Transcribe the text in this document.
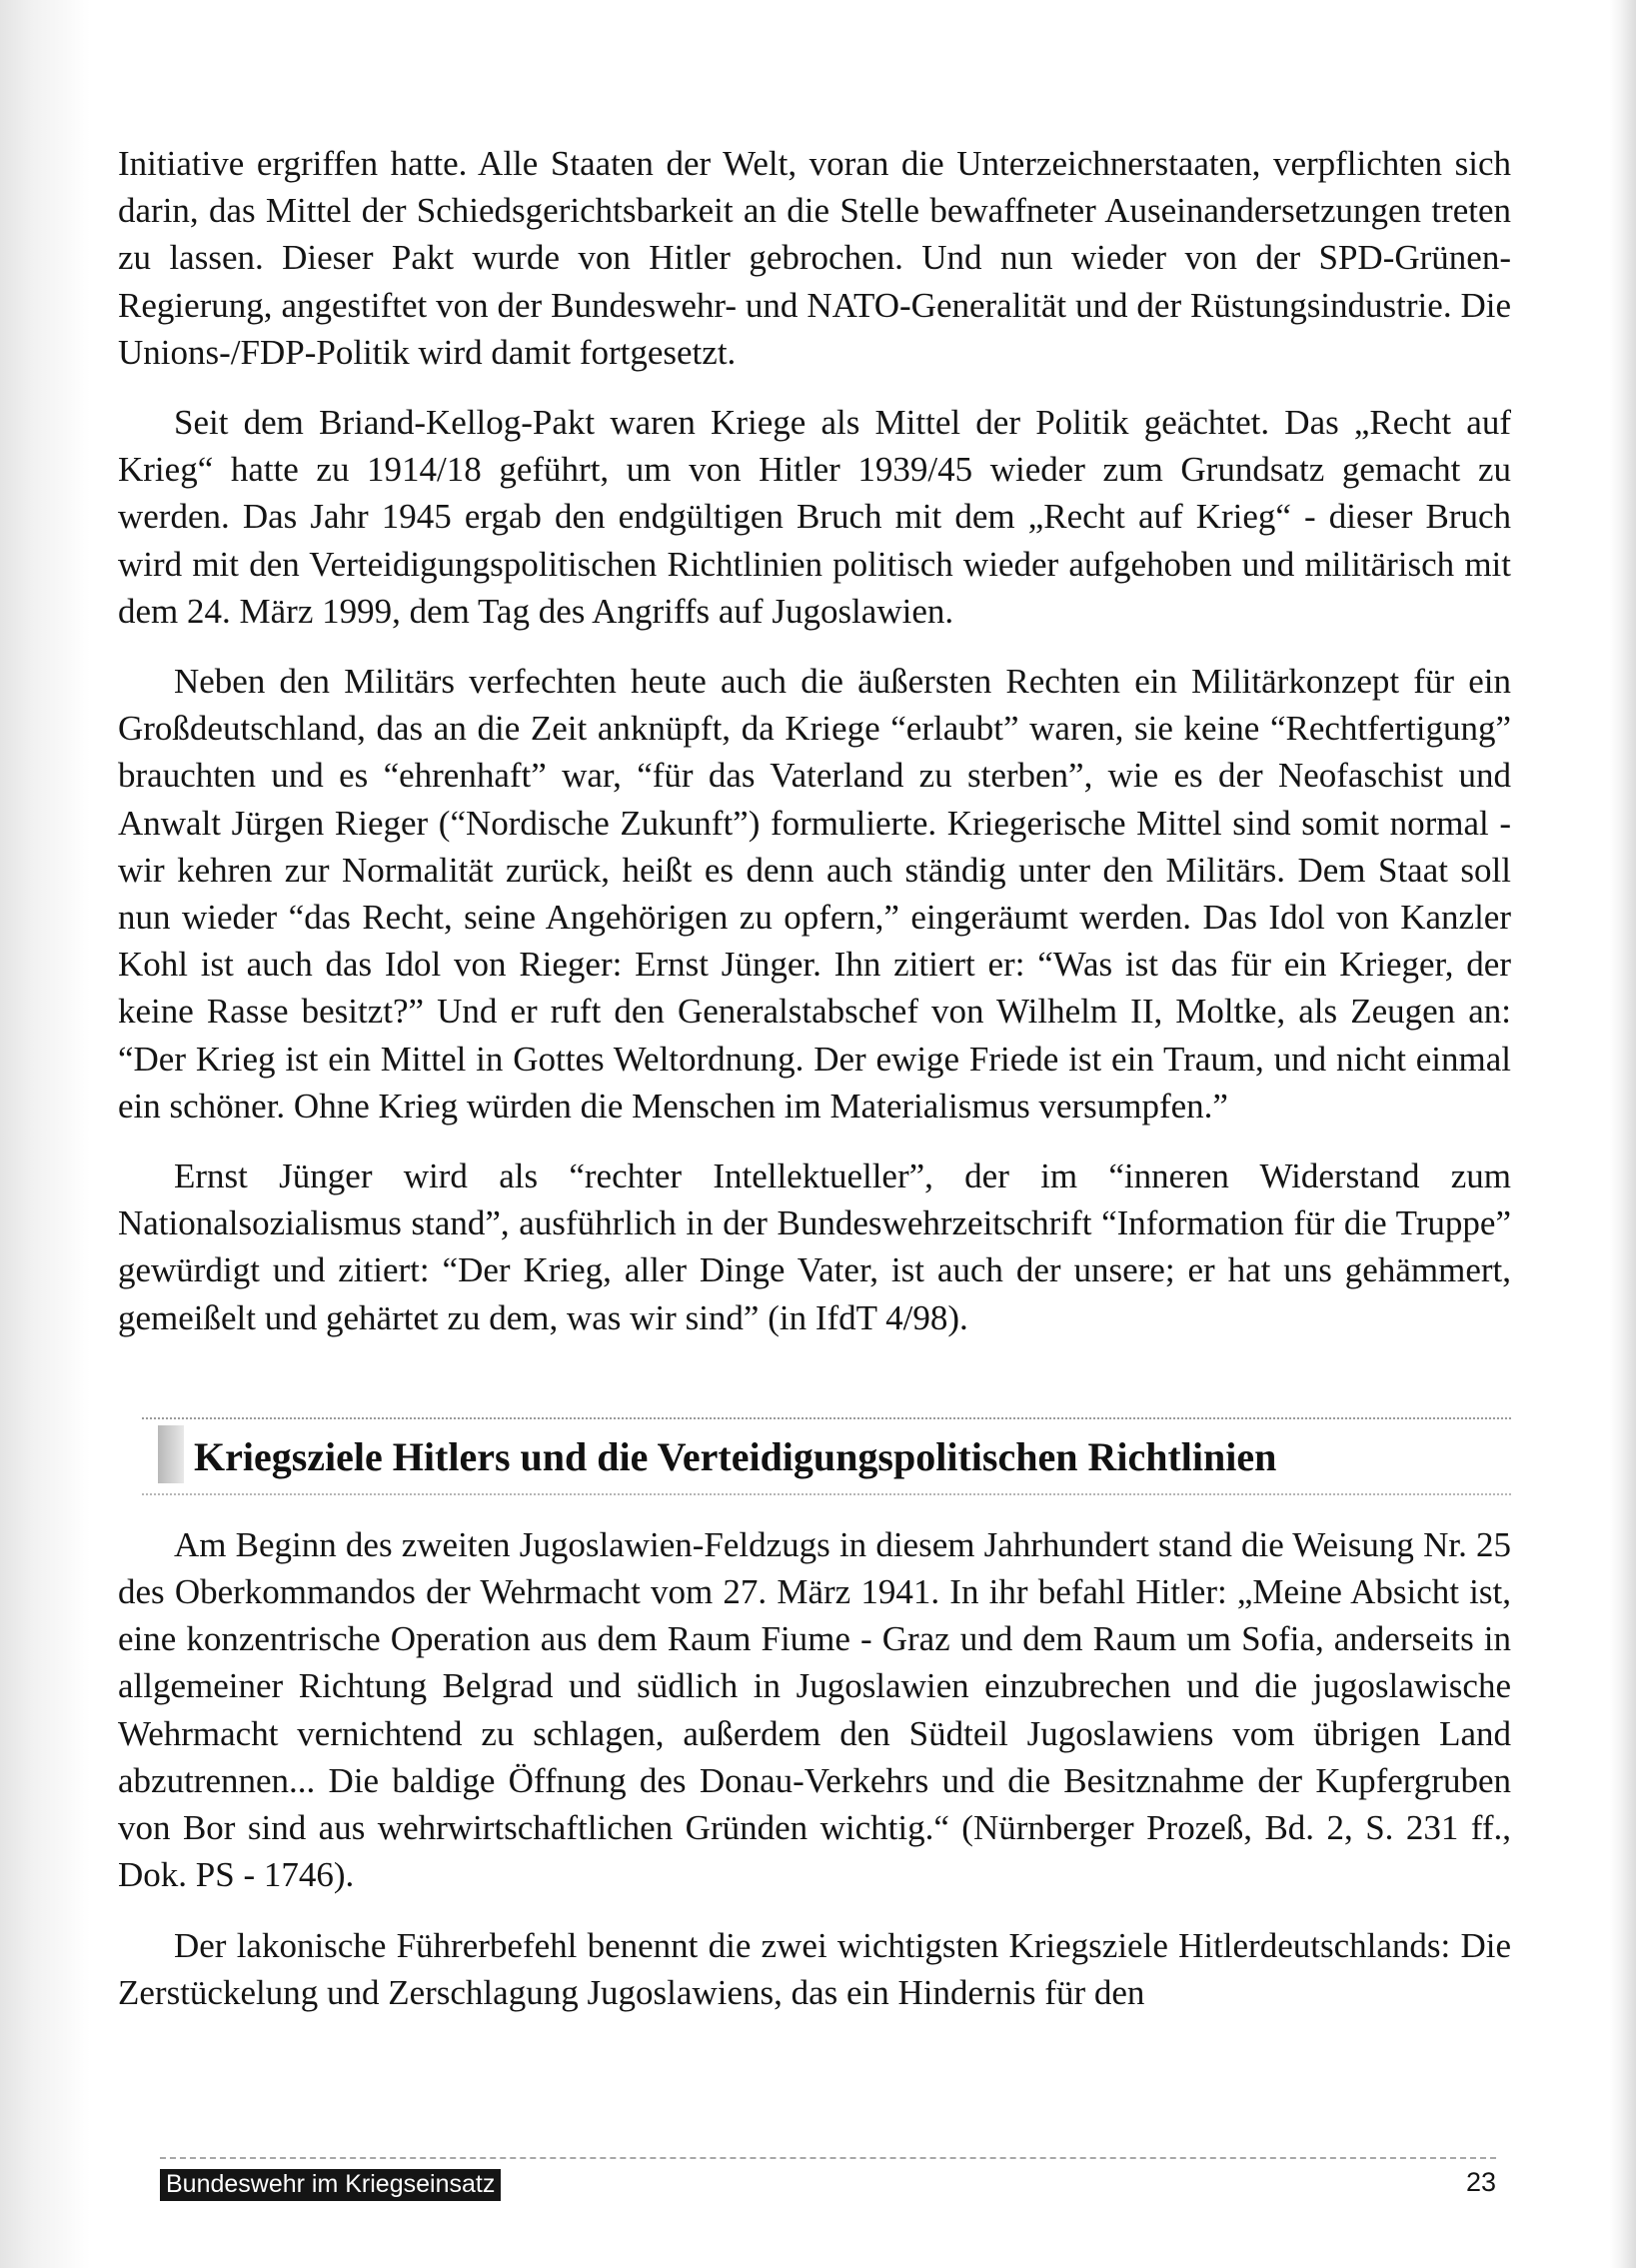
Initiative ergriffen hatte. Alle Staaten der Welt, voran die Unterzeichnerstaaten, verpflichten sich darin, das Mittel der Schiedsgerichtsbarkeit an die Stelle bewaffneter Auseinandersetzungen treten zu lassen. Dieser Pakt wurde von Hitler gebrochen. Und nun wieder von der SPD-Grünen-Regierung, angestiftet von der Bundeswehr- und NATO-Generalität und der Rüstungsindustrie. Die Unions-/FDP-Politik wird damit fortgesetzt.

Seit dem Briand-Kellog-Pakt waren Kriege als Mittel der Politik geächtet. Das „Recht auf Krieg“ hatte zu 1914/18 geführt, um von Hitler 1939/45 wieder zum Grundsatz gemacht zu werden. Das Jahr 1945 ergab den endgültigen Bruch mit dem „Recht auf Krieg“ - dieser Bruch wird mit den Verteidigungspolitischen Richtlinien politisch wieder aufgehoben und militärisch mit dem 24. März 1999, dem Tag des Angriffs auf Jugoslawien.

Neben den Militärs verfechten heute auch die äußersten Rechten ein Militärkonzept für ein Großdeutschland, das an die Zeit anknüpft, da Kriege “erlaubt” waren, sie keine “Rechtfertigung” brauchten und es “ehrenhaft” war, “für das Vaterland zu sterben”, wie es der Neofaschist und Anwalt Jürgen Rieger (“Nordische Zukunft”) formulierte. Kriegerische Mittel sind somit normal - wir kehren zur Normalität zurück, heißt es denn auch ständig unter den Militärs. Dem Staat soll nun wieder “das Recht, seine Angehörigen zu opfern,” eingeräumt werden. Das Idol von Kanzler Kohl ist auch das Idol von Rieger: Ernst Jünger. Ihn zitiert er: “Was ist das für ein Krieger, der keine Rasse besitzt?” Und er ruft den Generalstabschef von Wilhelm II, Moltke, als Zeugen an: “Der Krieg ist ein Mittel in Gottes Weltordnung. Der ewige Friede ist ein Traum, und nicht einmal ein schöner. Ohne Krieg würden die Menschen im Materialismus versumpfen.”

Ernst Jünger wird als “rechter Intellektueller”, der im “inneren Widerstand zum Nationalsozialismus stand”, ausführlich in der Bundeswehrzeitschrift “Information für die Truppe” gewürdigt und zitiert: “Der Krieg, aller Dinge Vater, ist auch der unsere; er hat uns gehämmert, gemeißelt und gehärtet zu dem, was wir sind” (in IfdT 4/98).

Kriegsziele Hitlers und die Verteidigungspolitischen Richtlinien

Am Beginn des zweiten Jugoslawien-Feldzugs in diesem Jahrhundert stand die Weisung Nr. 25 des Oberkommandos der Wehrmacht vom 27. März 1941. In ihr befahl Hitler: „Meine Absicht ist, eine konzentrische Operation aus dem Raum Fiume - Graz und dem Raum um Sofia, anderseits in allgemeiner Richtung Belgrad und südlich in Jugoslawien einzubrechen und die jugoslawische Wehrmacht vernichtend zu schlagen, außerdem den Südteil Jugoslawiens vom übrigen Land abzutrennen... Die baldige Öffnung des Donau-Verkehrs und die Besitznahme der Kupfergruben von Bor sind aus wehrwirtschaftlichen Gründen wichtig.“ (Nürnberger Prozeß, Bd. 2, S. 231 ff., Dok. PS - 1746).

Der lakonische Führerbefehl benennt die zwei wichtigsten Kriegsziele Hitlerdeutschlands: Die Zerstückelung und Zerschlagung Jugoslawiens, das ein Hindernis für den

Bundeswehr im Kriegseinsatz	23
